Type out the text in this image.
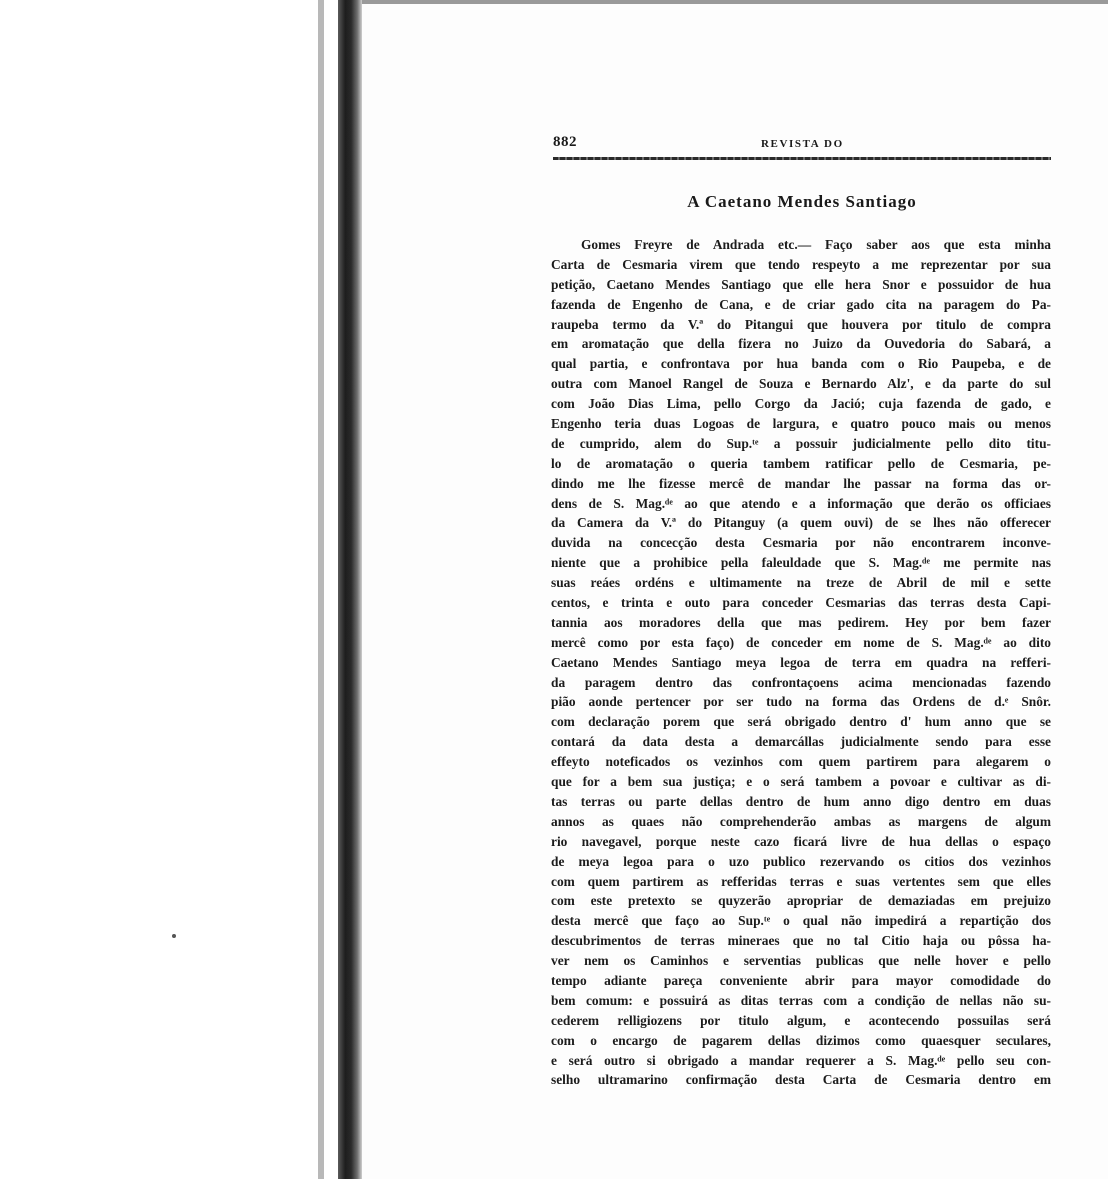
882	REVISTA DO
A Caetano Mendes Santiago
Gomes Freyre de Andrada etc.— Faço saber aos que esta minha
Carta de Cesmaria virem que tendo respeyto a me reprezentar por sua
petição, Caetano Mendes Santiago que elle hera Snor e possuidor de hua
fazenda de Engenho de Cana, e de criar gado cita na paragem do Pa-
raupeba termo da V.ª do Pitangui que houvera por titulo de compra
em aromatação que della fizera no Juizo da Ouvedoria do Sabará, a
qual partia, e confrontava por hua banda com o Rio Paupeba, e de
outra com Manoel Rangel de Souza e Bernardo Alz', e da parte do sul
com João Dias Lima, pello Corgo da Jació; cuja fazenda de gado, e
Engenho teria duas Logoas de largura, e quatro pouco mais ou menos
de cumprido, alem do Sup.ᵗᵉ a possuir judicialmente pello dito titu-
lo de aromatação o queria tambem ratificar pello de Cesmaria, pe-
dindo me lhe fizesse mercê de mandar lhe passar na forma das or-
dens de S. Mag.ᵈᵉ ao que atendo e a informação que derão os officiaes
da Camera da V.ª do Pitanguy (a quem ouvi) de se lhes não offerecer
duvida na concecção desta Cesmaria por não encontrarem inconve-
niente que a prohibice pella faleuldade que S. Mag.ᵈᵉ me permite nas
suas reáes ordéns e ultimamente na treze de Abril de mil e sette
centos, e trinta e outo para conceder Cesmarias das terras desta Capi-
tannia aos moradores della que mas pedirem. Hey por bem fazer
mercê como por esta faço) de conceder em nome de S. Mag.ᵈᵉ ao dito
Caetano Mendes Santiago meya legoa de terra em quadra na refferi-
da paragem dentro das confrontaçoens acima mencionadas fazendo
pião aonde pertencer por ser tudo na forma das Ordens de d.ᵉ Snôr.
com declaração porem que será obrigado dentro d' hum anno que se
contará da data desta a demarcállas judicialmente sendo para esse
effeyto noteficados os vezinhos com quem partirem para alegarem o
que for a bem sua justiça; e o será tambem a povoar e cultivar as di-
tas terras ou parte dellas dentro de hum anno digo dentro em duas
annos as quaes não comprehenderão ambas as margens de algum
rio navegavel, porque neste cazo ficará livre de hua dellas o espaço
de meya legoa para o uzo publico rezervando os citios dos vezinhos
com quem partirem as refferidas terras e suas vertentes sem que elles
com este pretexto se quyzerão apropriar de demaziadas em prejuizo
desta mercê que faço ao Sup.ᵗᵉ o qual não impedirá a repartição dos
descubrimentos de terras mineraes que no tal Citio haja ou pôssa ha-
ver nem os Caminhos e serventias publicas que nelle hover e pello
tempo adiante pareça conveniente abrir para mayor comodidade do
bem comum: e possuirá as ditas terras com a condição de nellas não su-
cederem relligiozens por titulo algum, e acontecendo possuilas será
com o encargo de pagarem dellas dizimos como quaesquer seculares,
e será outro si obrigado a mandar requerer a S. Mag.ᵈᵉ pello seu con-
selho ultramarino confirmação desta Carta de Cesmaria dentro em
